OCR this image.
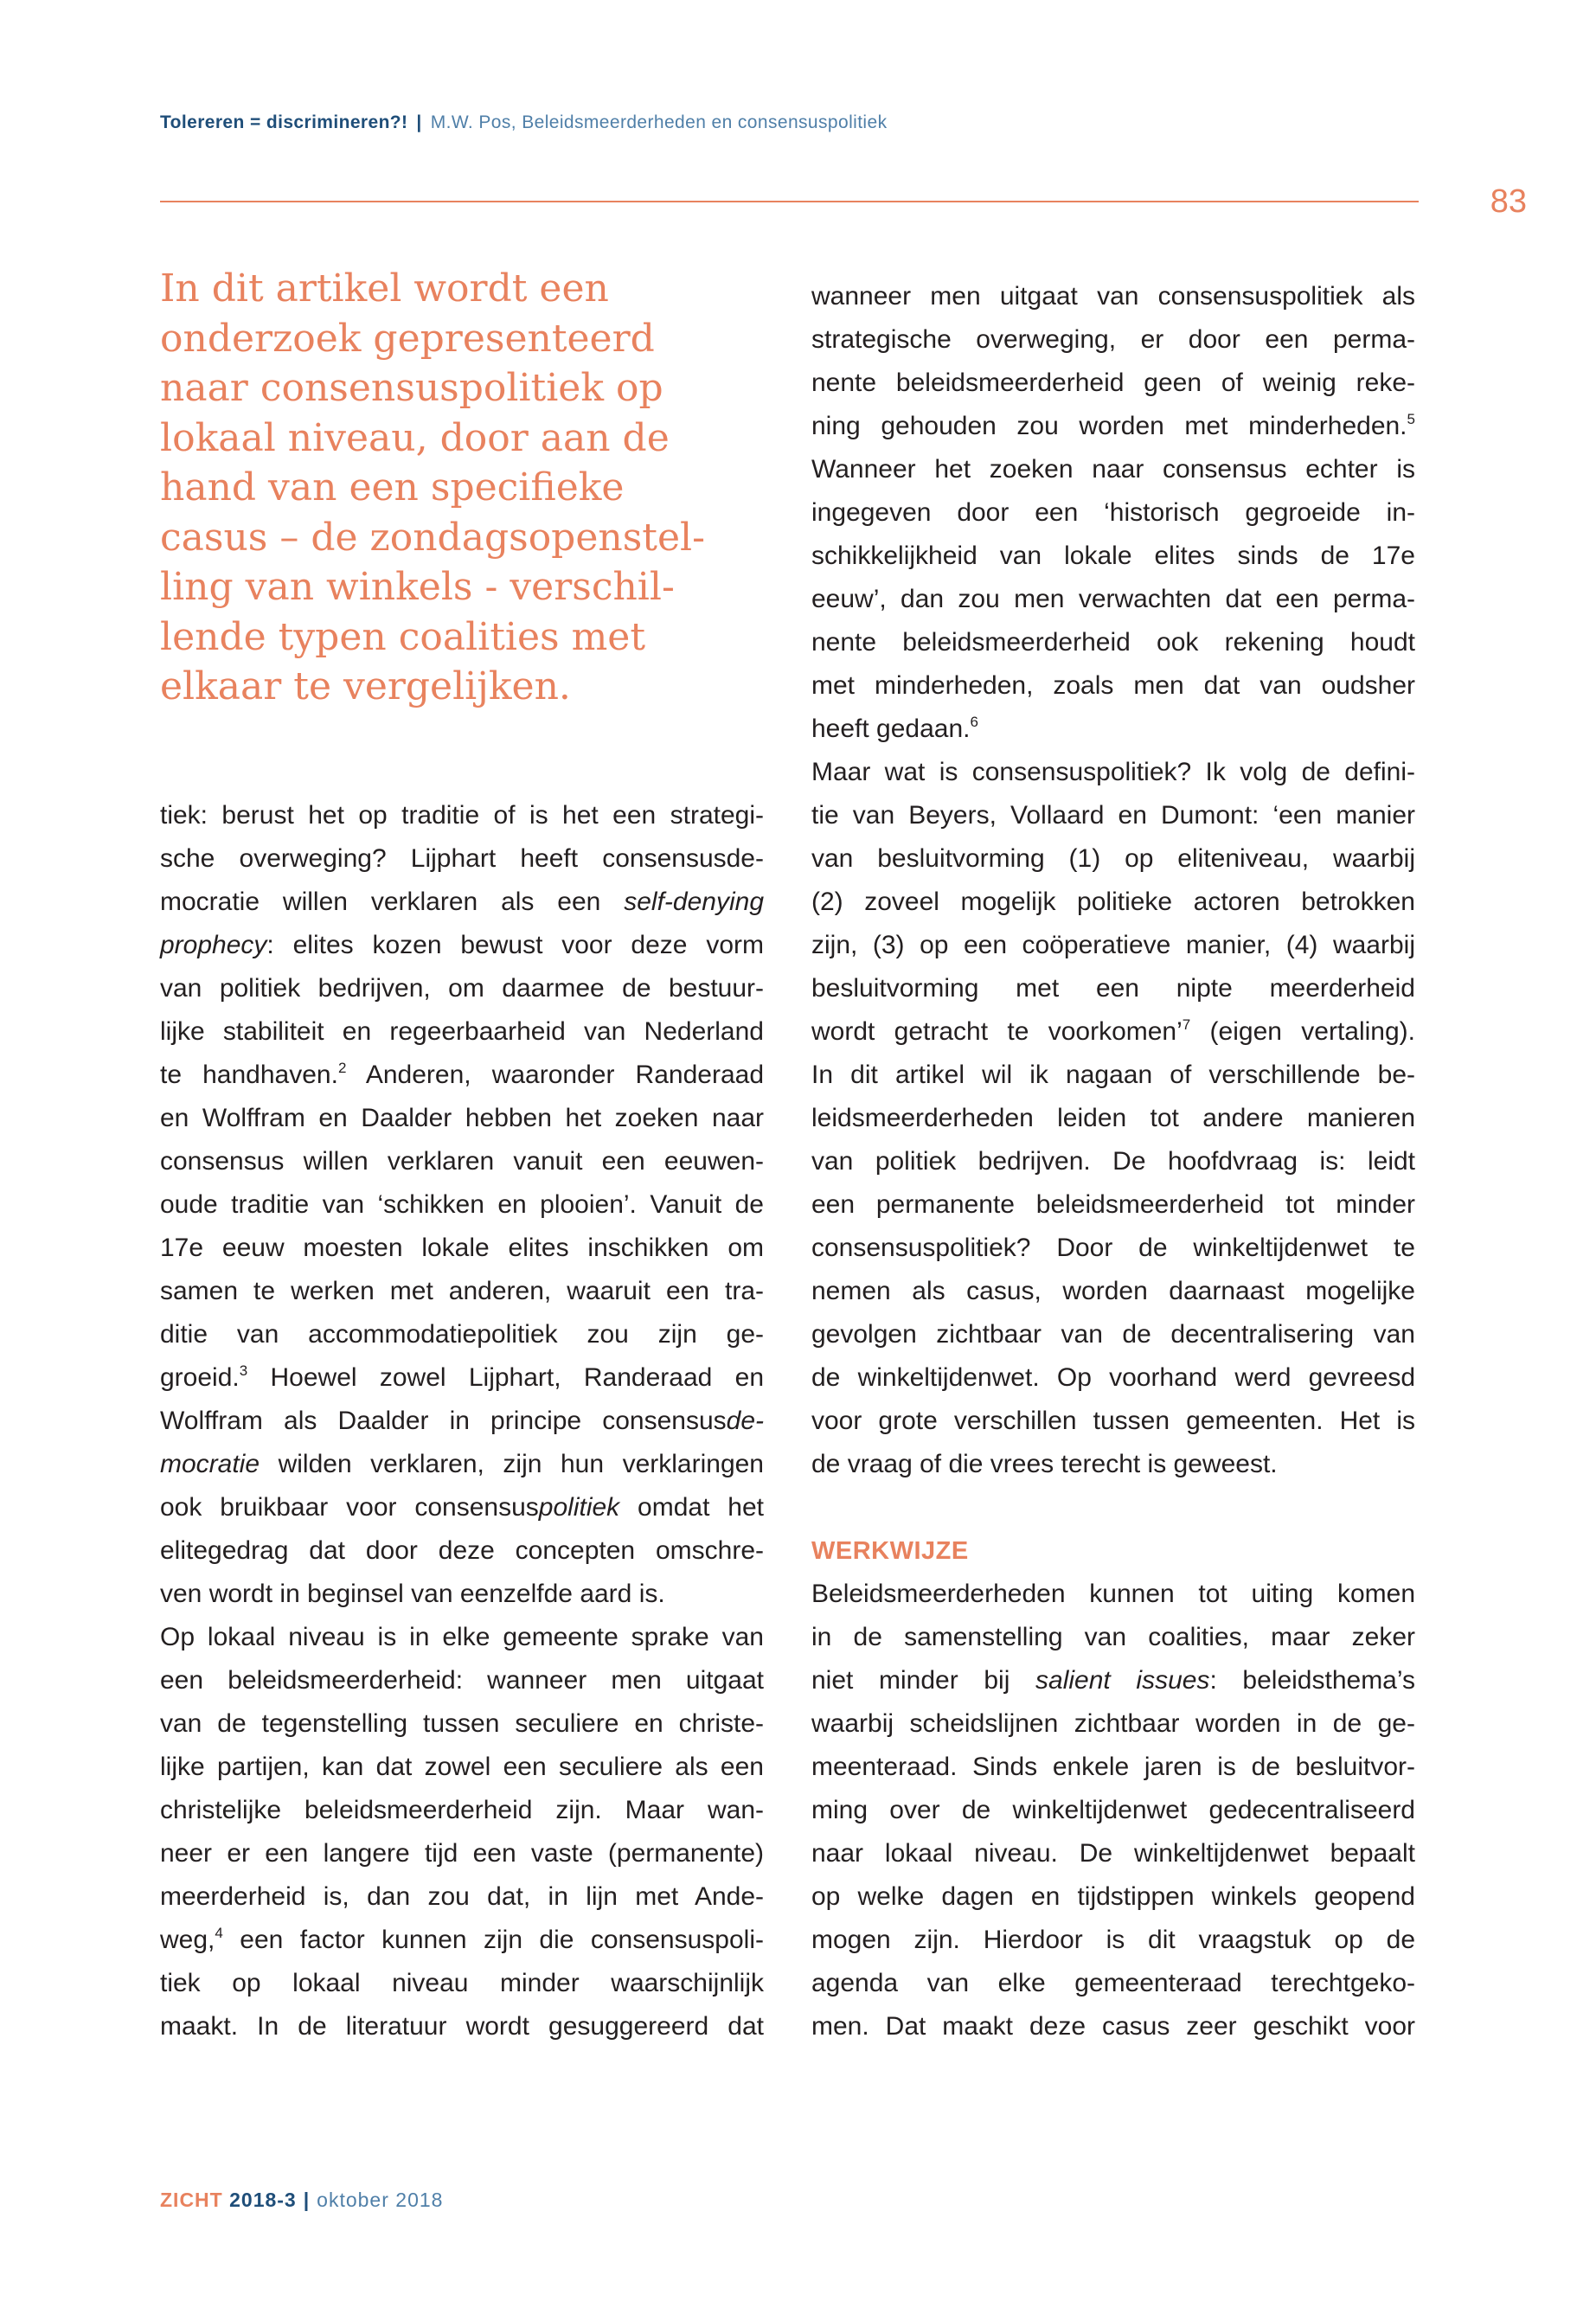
Tolereren = discrimineren?! | M.W. Pos, Beleidsmeerderheden en consensuspolitiek
83
In dit artikel wordt een
onderzoek gepresenteerd
naar consensuspolitiek op
lokaal niveau, door aan de
hand van een specifieke
casus – de zondagsopenstel-
ling van winkels - verschil-
lende typen coalities met
elkaar te vergelijken.
tiek: berust het op traditie of is het een strategi-
sche overweging? Lijphart heeft consensusde-
mocratie willen verklaren als een self-denying
prophecy: elites kozen bewust voor deze vorm
van politiek bedrijven, om daarmee de bestuur-
lijke stabiliteit en regeerbaarheid van Nederland
te handhaven.$^2$ Anderen, waaronder Randeraad
en Wolffram en Daalder hebben het zoeken naar
consensus willen verklaren vanuit een eeuwen-
oude traditie van ‘schikken en plooien’. Vanuit de
17e eeuw moesten lokale elites inschikken om
samen te werken met anderen, waaruit een tra-
ditie van accommodatiepolitiek zou zijn ge-
groeid.$^3$ Hoewel zowel Lijphart, Randeraad en
Wolffram als Daalder in principe consensusde-
mocratie wilden verklaren, zijn hun verklaringen
ook bruikbaar voor consensuspolitiek omdat het
elitegedrag dat door deze concepten omschre-
ven wordt in beginsel van eenzelfde aard is.
Op lokaal niveau is in elke gemeente sprake van
een beleidsmeerderheid: wanneer men uitgaat
van de tegenstelling tussen seculiere en christe-
lijke partijen, kan dat zowel een seculiere als een
christelijke beleidsmeerderheid zijn. Maar wan-
neer er een langere tijd een vaste (permanente)
meerderheid is, dan zou dat, in lijn met Ande-
weg,$^4$ een factor kunnen zijn die consensuspoli-
tiek op lokaal niveau minder waarschijnlijk
maakt. In de literatuur wordt gesuggereerd dat
wanneer men uitgaat van consensuspolitiek als
strategische overweging, er door een perma-
nente beleidsmeerderheid geen of weinig reke-
ning gehouden zou worden met minderheden.$^5$
Wanneer het zoeken naar consensus echter is
ingegeven door een ‘historisch gegroeide in-
schikkelijkheid van lokale elites sinds de 17e
eeuw’, dan zou men verwachten dat een perma-
nente beleidsmeerderheid ook rekening houdt
met minderheden, zoals men dat van oudsher
heeft gedaan.$^6$
Maar wat is consensuspolitiek? Ik volg de defini-
tie van Beyers, Vollaard en Dumont: ‘een manier
van besluitvorming (1) op eliteniveau, waarbij
(2) zoveel mogelijk politieke actoren betrokken
zijn, (3) op een coöperatieve manier, (4) waarbij
besluitvorming met een nipte meerderheid
wordt getracht te voorkomen’$^7$ (eigen vertaling).
In dit artikel wil ik nagaan of verschillende be-
leidsmeerderheden leiden tot andere manieren
van politiek bedrijven. De hoofdvraag is: leidt
een permanente beleidsmeerderheid tot minder
consensuspolitiek? Door de winkeltijdenwet te
nemen als casus, worden daarnaast mogelijke
gevolgen zichtbaar van de decentralisering van
de winkeltijdenwet. Op voorhand werd gevreesd
voor grote verschillen tussen gemeenten. Het is
de vraag of die vrees terecht is geweest.
WERKWIJZE
Beleidsmeerderheden kunnen tot uiting komen
in de samenstelling van coalities, maar zeker
niet minder bij salient issues: beleidsthema’s
waarbij scheidslijnen zichtbaar worden in de ge-
meenteraad. Sinds enkele jaren is de besluitvor-
ming over de winkeltijdenwet gedecentraliseerd
naar lokaal niveau. De winkeltijdenwet bepaalt
op welke dagen en tijdstippen winkels geopend
mogen zijn. Hierdoor is dit vraagstuk op de
agenda van elke gemeenteraad terechtgeko-
men. Dat maakt deze casus zeer geschikt voor
ZICHT 2018-3 | oktober 2018
